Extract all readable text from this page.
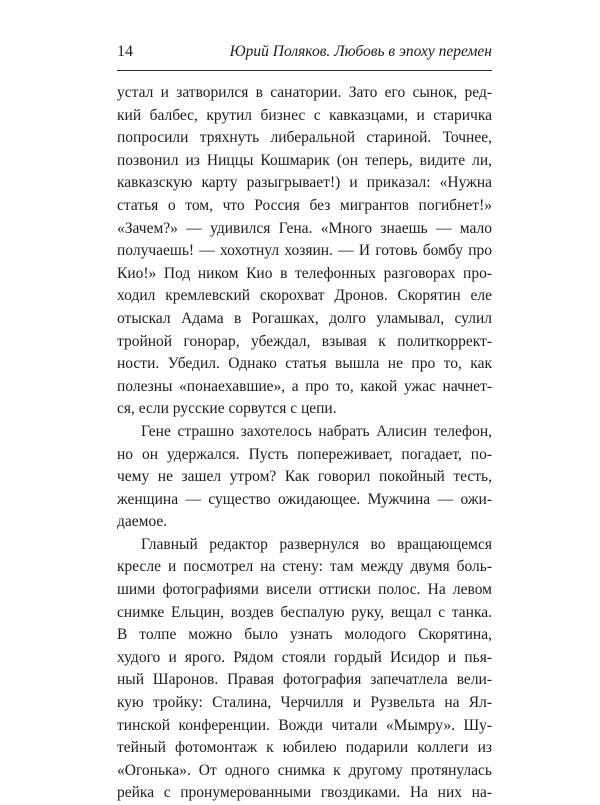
14	Юрий Поляков. Любовь в эпоху перемен
устал и затворился в санатории. Зато его сынок, ред-
кий балбес, крутил бизнес с кавказцами, и старичка
попросили тряхнуть либеральной стариной. Точнее,
позвонил из Ниццы Кошмарик (он теперь, видите ли,
кавказскую карту разыгрывает!) и приказал: «Нужна
статья о том, что Россия без мигрантов погибнет!»
«Зачем?» — удивился Гена. «Много знаешь — мало
получаешь! — хохотнул хозяин. — И готовь бомбу про
Кио!» Под ником Кио в телефонных разговорах про-
ходил кремлевский скорохват Дронов. Скорятин еле
отыскал Адама в Рогашках, долго уламывал, сулил
тройной гонорар, убеждал, взывая к политкоррект-
ности. Убедил. Однако статья вышла не про то, как
полезны «понаехавшие», а про то, какой ужас начнет-
ся, если русские сорвутся с цепи.
Гене страшно захотелось набрать Алисин телефон,
но он удержался. Пусть попереживает, погадает, по-
чему не зашел утром? Как говорил покойный тесть,
женщина — существо ожидающее. Мужчина — ожи-
даемое.
Главный редактор развернулся во вращающемся
кресле и посмотрел на стену: там между двумя боль-
шими фотографиями висели оттиски полос. На левом
снимке Ельцин, воздев беспалую руку, вещал с танка.
В толпе можно было узнать молодого Скорятина,
худого и ярого. Рядом стояли гордый Исидор и пья-
ный Шаронов. Правая фотография запечатлела вели-
кую тройку: Сталина, Черчилля и Рузвельта на Ял-
тинской конференции. Вожди читали «Мымру». Шу-
тейный фотомонтаж к юбилею подарили коллеги из
«Огонька». От одного снимка к другому протянулась
рейка с пронумерованными гвоздиками. На них на-
